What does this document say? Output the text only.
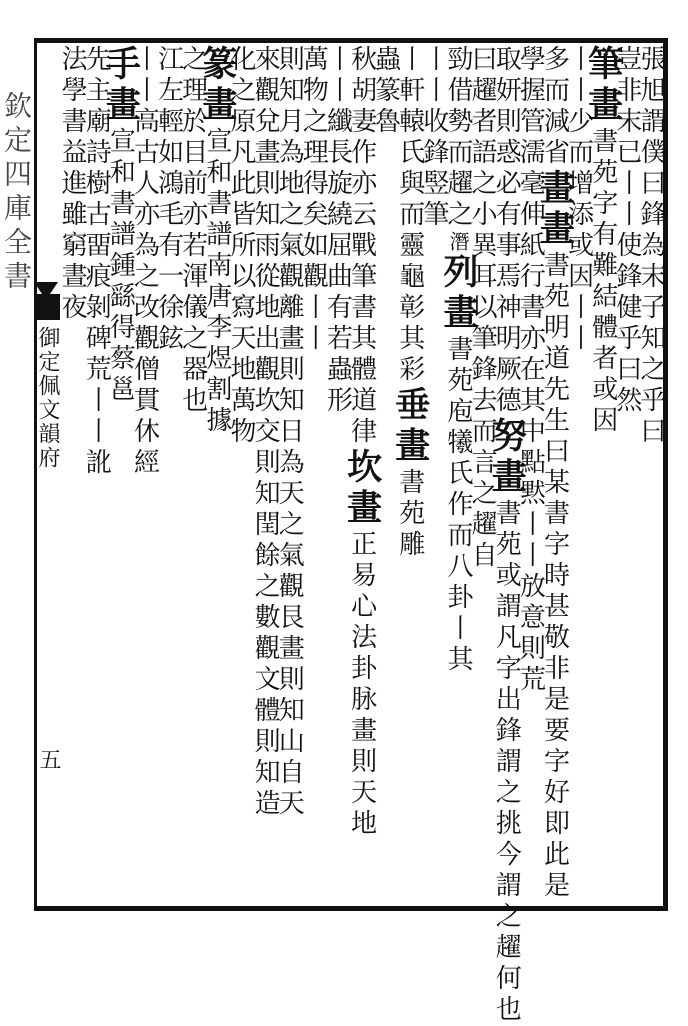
欽定四庫全書
御定佩文韻府
五
張旭謂僕曰鋒為末子知之乎曰
豈非末已丨丨使鋒健乎曰然
筆畫書苑字有難結體者或因
丨丨少而增添或因丨丨
多而減省畫畫書苑明道先生曰某書字時甚敬非是要字好即此是
學握管濡毫伸紙行書亦在其中點黙丨丨放意則荒
取妍則惑必有事焉神明厥德努畫書苑或謂凡字出鋒謂之挑今謂之趯何也
曰趯者語之小異耳以筆鋒去而言之趯自
勁借勢而趯之潛列畫書苑庖犧氏作而八卦丨其
丨丨收鋒竪筆
丨軒轅氏與而靈龜彰其彩垂畫書苑雕
蟲篆魯
秋胡妻作亦云戰筆書其體道律坎畫正易心法卦脉畫則天地
丨丨纖長旋繞屈曲有若蟲形
萬物之理得矣如觀丨丨
則知月為地之氣觀離畫則知日為天之氣觀艮畫則知山自天
來觀兌畫則知雨從地出觀坎交則知閏餘之數觀文體則知造
化之原凡此皆所以寫天地萬物
篆畫宣和書譜南唐李煜割據
之理於目前亦若渾儀之器也
江左輕如鴻毛有一徐鉉
丨丨高古人亦為之改觀僧貫休經
手畫宣和書譜鍾繇得蔡邕
先主廟詩樹古畱痕剝碑荒丨丨訛
法學書益進雖窮晝夜
